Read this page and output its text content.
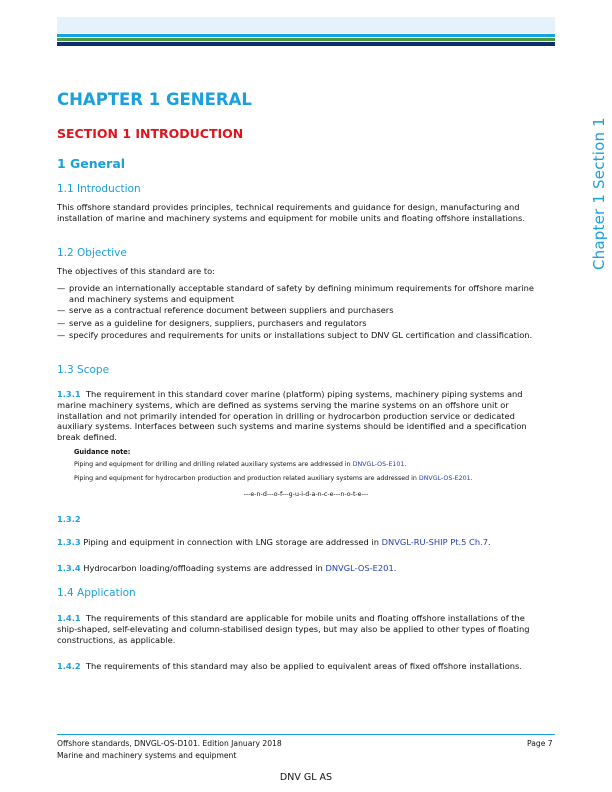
Chapter 1 Section 1
CHAPTER 1 GENERAL
SECTION 1 INTRODUCTION
1 General
1.1 Introduction
This offshore standard provides principles, technical requirements and guidance for design, manufacturing and installation of marine and machinery systems and equipment for mobile units and floating offshore installations.
1.2 Objective
The objectives of this standard are to:
— provide an internationally acceptable standard of safety by defining minimum requirements for offshore marine and machinery systems and equipment
— serve as a contractual reference document between suppliers and purchasers
— serve as a guideline for designers, suppliers, purchasers and regulators
— specify procedures and requirements for units or installations subject to DNV GL certification and classification.
1.3 Scope
1.3.1 The requirement in this standard cover marine (platform) piping systems, machinery piping systems and marine machinery systems, which are defined as systems serving the marine systems on an offshore unit or installation and not primarily intended for operation in drilling or hydrocarbon production service or dedicated auxiliary systems. Interfaces between such systems and marine systems should be identified and a specification break defined.
Guidance note:
Piping and equipment for drilling and drilling related auxiliary systems are addressed in DNVGL-OS-E101.
Piping and equipment for hydrocarbon production and production related auxiliary systems are addressed in DNVGL-OS-E201.
---e-n-d---o-f---g-u-i-d-a-n-c-e---n-o-t-e---
1.3.2
1.3.3 Piping and equipment in connection with LNG storage are addressed in DNVGL-RU-SHIP Pt.5 Ch.7.
1.3.4 Hydrocarbon loading/offloading systems are addressed in DNVGL-OS-E201.
1.4 Application
1.4.1 The requirements of this standard are applicable for mobile units and floating offshore installations of the ship-shaped, self-elevating and column-stabilised design types, but may also be applied to other types of floating constructions, as applicable.
1.4.2 The requirements of this standard may also be applied to equivalent areas of fixed offshore installations.
Offshore standards, DNVGL-OS-D101. Edition January 2018
Marine and machinery systems and equipment
Page 7
DNV GL AS
